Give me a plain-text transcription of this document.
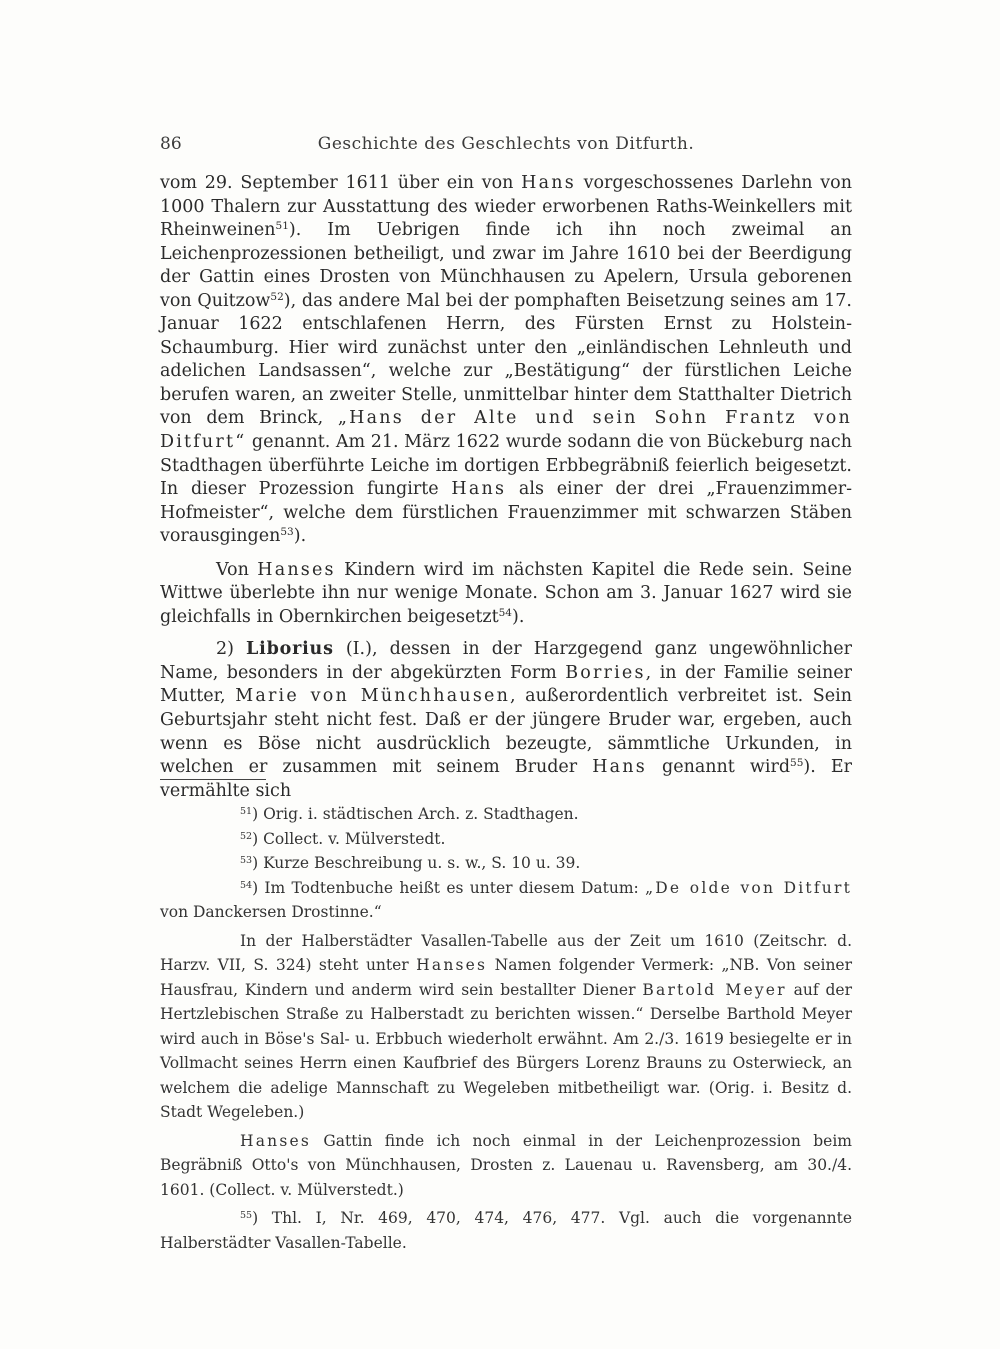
86	Geschichte des Geschlechts von Ditfurth.

vom 29. September 1611 über ein von Hans vorgeschossenes Darlehn von 1000 Thalern zur Ausstattung des wieder erworbenen Raths-Weinkellers mit Rheinweinen$^{51}$). Im Uebrigen finde ich ihn noch zweimal an Leichenprozessionen betheiligt, und zwar im Jahre 1610 bei der Beerdigung der Gattin eines Drosten von Münchhausen zu Apelern, Ursula geborenen von Quitzow$^{52}$), das andere Mal bei der pomphaften Beisetzung seines am 17. Januar 1622 entschlafenen Herrn, des Fürsten Ernst zu Holstein-Schaumburg. Hier wird zunächst unter den „einländischen Lehnleuth und adelichen Landsassen“, welche zur „Bestätigung“ der fürstlichen Leiche berufen waren, an zweiter Stelle, unmittelbar hinter dem Statthalter Dietrich von dem Brinck, „Hans der Alte und sein Sohn Frantz von Ditfurt“ genannt. Am 21. März 1622 wurde sodann die von Bückeburg nach Stadthagen überführte Leiche im dortigen Erbbegräbniß feierlich beigesetzt. In dieser Prozession fungirte Hans als einer der drei „Frauenzimmer-Hofmeister“, welche dem fürstlichen Frauenzimmer mit schwarzen Stäben vorausgingen$^{53}$).

Von Hanses Kindern wird im nächsten Kapitel die Rede sein. Seine Wittwe überlebte ihn nur wenige Monate. Schon am 3. Januar 1627 wird sie gleichfalls in Obernkirchen beigesetzt$^{54}$).

2) Liborius (I.), dessen in der Harzgegend ganz ungewöhnlicher Name, besonders in der abgekürzten Form Borries, in der Familie seiner Mutter, Marie von Münchhausen, außerordentlich verbreitet ist. Sein Geburtsjahr steht nicht fest. Daß er der jüngere Bruder war, ergeben, auch wenn es Böse nicht ausdrücklich bezeugte, sämmtliche Urkunden, in welchen er zusammen mit seinem Bruder Hans genannt wird$^{55}$). Er vermählte sich

$^{51}$) Orig. i. städtischen Arch. z. Stadthagen.

$^{52}$) Collect. v. Mülverstedt.

$^{53}$) Kurze Beschreibung u. s. w., S. 10 u. 39.

$^{54}$) Im Todtenbuche heißt es unter diesem Datum: „De olde von Ditfurt von Danckersen Drostinne.“

In der Halberstädter Vasallen-Tabelle aus der Zeit um 1610 (Zeitschr. d. Harzv. VII, S. 324) steht unter Hanses Namen folgender Vermerk: „NB. Von seiner Hausfrau, Kindern und anderm wird sein bestallter Diener Bartold Meyer auf der Hertzlebischen Straße zu Halberstadt zu berichten wissen.“ Derselbe Barthold Meyer wird auch in Böse's Sal- u. Erbbuch wiederholt erwähnt. Am 2./3. 1619 besiegelte er in Vollmacht seines Herrn einen Kaufbrief des Bürgers Lorenz Brauns zu Osterwieck, an welchem die adelige Mannschaft zu Wegeleben mitbetheiligt war. (Orig. i. Besitz d. Stadt Wegeleben.)

Hanses Gattin finde ich noch einmal in der Leichenprozession beim Begräbniß Otto's von Münchhausen, Drosten z. Lauenau u. Ravensberg, am 30./4. 1601. (Collect. v. Mülverstedt.)

$^{55}$) Thl. I, Nr. 469, 470, 474, 476, 477. Vgl. auch die vorgenannte Halberstädter Vasallen-Tabelle.
